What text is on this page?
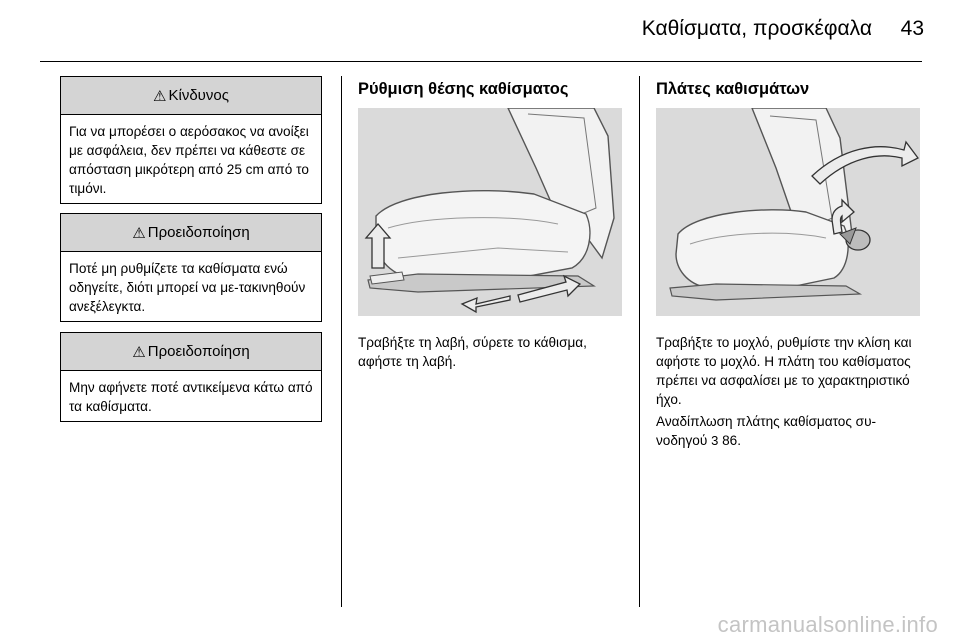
Καθίσματα, προσκέφαλα 43
⚠ Κίνδυνος
Για να μπορέσει ο αερόσακος να ανοίξει με ασφάλεια, δεν πρέπει να κάθεστε σε απόσταση μικρότερη από 25 cm από το τιμόνι.
⚠ Προειδοποίηση
Ποτέ μη ρυθμίζετε τα καθίσματα ενώ οδηγείτε, διότι μπορεί να με-τακινηθούν ανεξέλεγκτα.
⚠ Προειδοποίηση
Μην αφήνετε ποτέ αντικείμενα κάτω από τα καθίσματα.
Ρύθμιση θέσης καθίσματος
Τραβήξτε τη λαβή, σύρετε το κάθισμα, αφήστε τη λαβή.
Πλάτες καθισμάτων
Τραβήξτε το μοχλό, ρυθμίστε την κλίση και αφήστε το μοχλό. Η πλάτη του καθίσματος πρέπει να ασφαλίσει με το χαρακτηριστικό ήχο.
Αναδίπλωση πλάτης καθίσματος συ-νοδηγού 3 86.
carmanualsonline.info
